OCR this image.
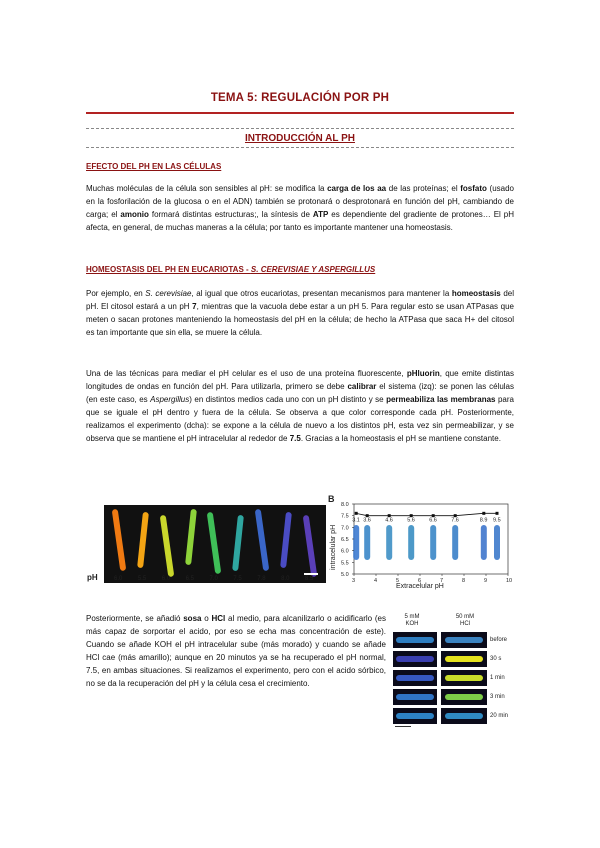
TEMA 5: REGULACIÓN POR PH
INTRODUCCIÓN AL PH
EFECTO DEL PH EN LAS CÉLULAS
Muchas moléculas de la célula son sensibles al pH: se modifica la carga de los aa de las proteínas; el fosfato (usado en la fosforilación de la glucosa o en el ADN) también se protonará o desprotonará en función del pH, cambiando de carga; el amonio formará distintas estructuras;, la síntesis de ATP es dependiente del gradiente de protones… El pH afecta, en general, de muchas maneras a la célula; por tanto es importante mantener una homeostasis.
HOMEOSTASIS DEL PH EN EUCARIOTAS - S. CEREVISIAE Y ASPERGILLUS
Por ejemplo, en S. cerevisiae, al igual que otros eucariotas, presentan mecanismos para mantener la homeostasis del pH. El citosol estará a un pH 7, mientras que la vacuola debe estar a un pH 5. Para regular esto se usan ATPasas que meten o sacan protones manteniendo la homeostasis del pH en la célula; de hecho la ATPasa que saca H+ del citosol es tan importante que sin ella, se muere la célula.
Una de las técnicas para mediar el pH celular es el uso de una proteína fluorescente, pHluorin, que emite distintas longitudes de ondas en función del pH. Para utilizarla, primero se debe calibrar el sistema (izq): se ponen las células (en este caso, es Aspergillus) en distintos medios cada uno con un pH distinto y se permeabiliza las membranas para que se iguale el pH dentro y fuera de la célula. Se observa a que color corresponde cada pH. Posteriormente, realizamos el experimento (dcha): se expone a la célula de nuevo a los distintos pH, esta vez sin permeabilizar, y se observa que se mantiene el pH intracelular al rededor de 7.5. Gracias a la homeostasis el pH se mantiene constante.
pH	6.0	5.5	6.0	6.5	7.0	7.5	7.8	8.0	8.5
3.1 3.6	4.6	5.6	6.6	7.6	8.9 9.5
8.0
7.5
7.0
6.5
6.0
5.5
5.0
3	4	5	6	7	8	9	10
Extracelular pH
intracelular pH
B
Posteriormente, se añadió sosa o HCl al medio, para alcanilizarlo o acidificarlo (es más capaz de sorportar el acido, por eso se echa mas concentración de este). Cuando se añade KOH el pH intracelular sube (más morado) y cuando se añade HCl cae (más amarillo); aunque en 20 minutos ya se ha recuperado el pH normal, 7.5, en ambas situaciones. Si realizamos el experimento, pero con el acido sórbico, no se da la recuperación del pH y la célula cesa el crecimiento.
5 mM
KOH
50 mM
HCl
before
30 s
1 min
3 min
20 min
